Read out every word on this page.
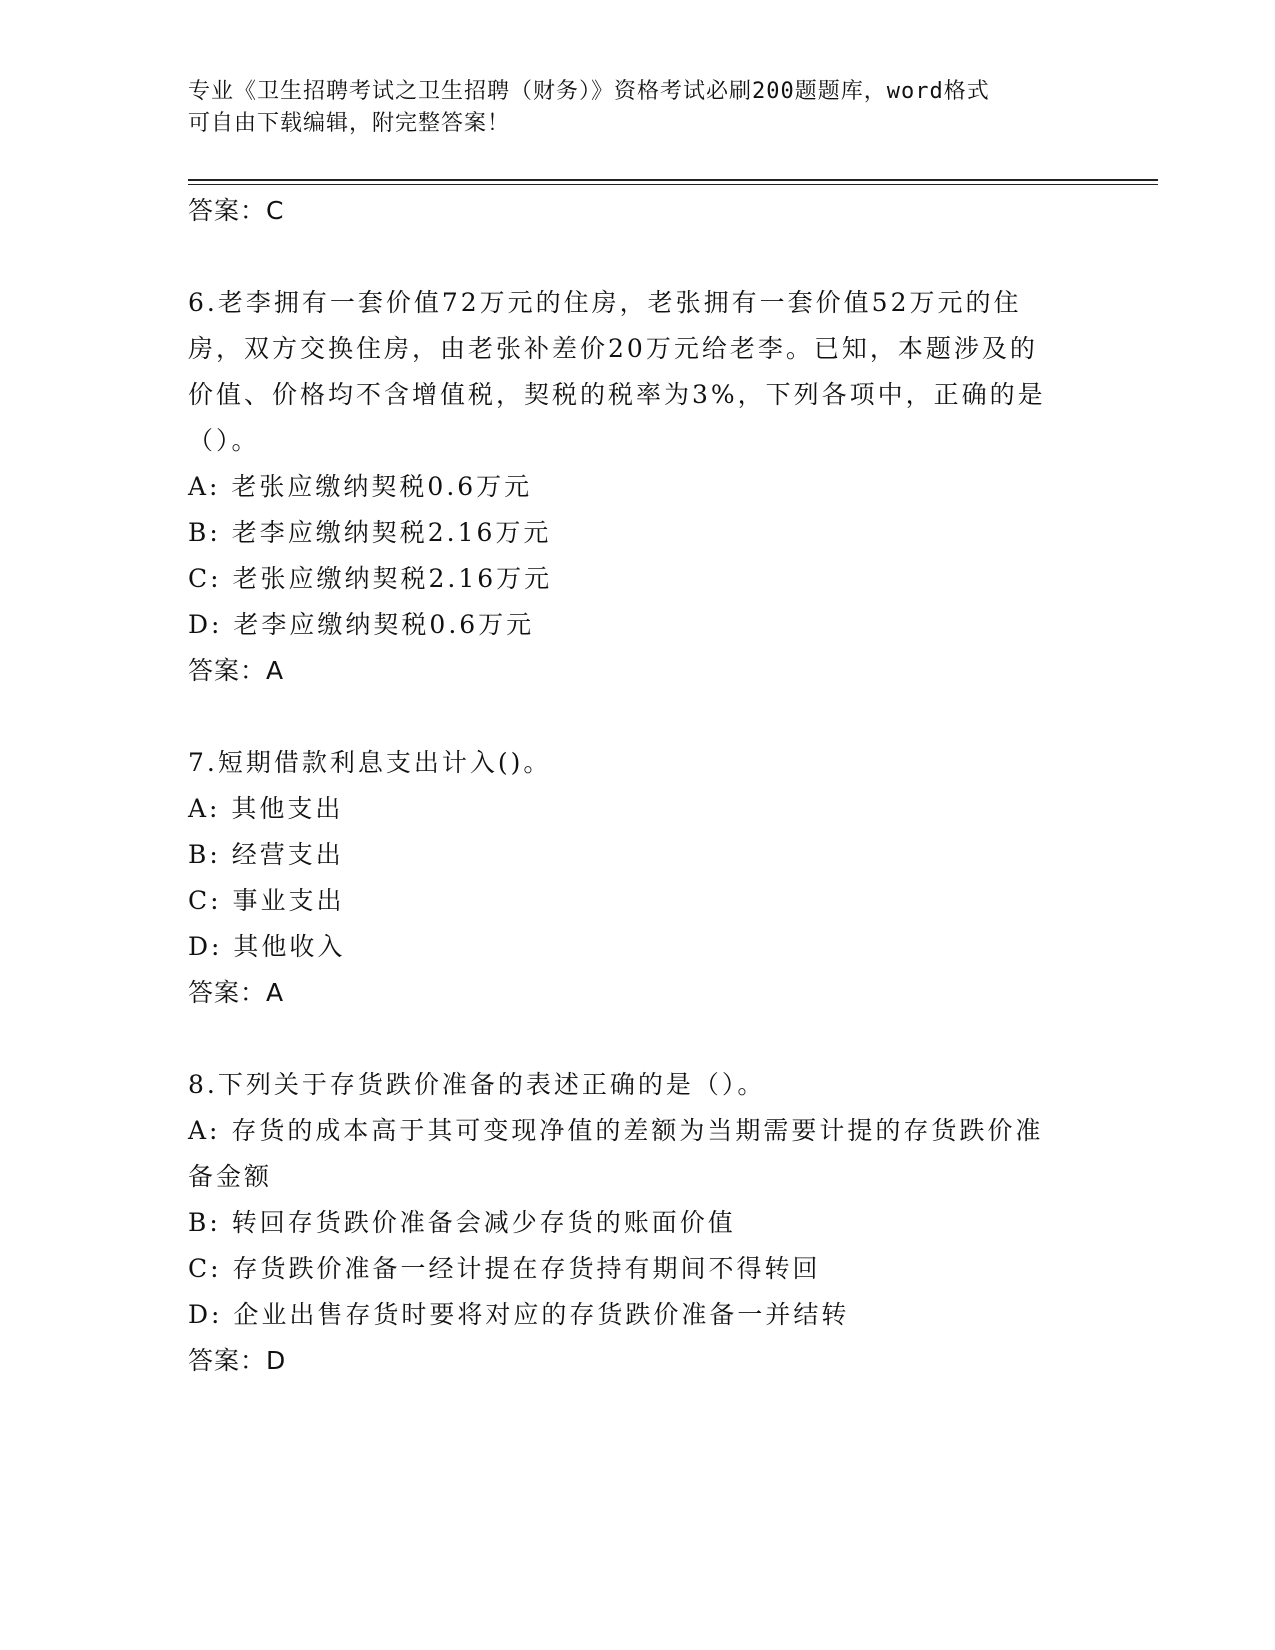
专业《卫生招聘考试之卫生招聘（财务）》资格考试必刷200题题库，word格式
可自由下载编辑，附完整答案！
答案：C
6.老李拥有一套价值72万元的住房，老张拥有一套价值52万元的住
房，双方交换住房，由老张补差价20万元给老李。已知，本题涉及的
价值、价格均不含增值税，契税的税率为3%，下列各项中，正确的是
（）。
A: 老张应缴纳契税0.6万元
B: 老李应缴纳契税2.16万元
C: 老张应缴纳契税2.16万元
D: 老李应缴纳契税0.6万元
答案：A
7.短期借款利息支出计入()。
A: 其他支出
B: 经营支出
C: 事业支出
D: 其他收入
答案：A
8.下列关于存货跌价准备的表述正确的是（）。
A: 存货的成本高于其可变现净值的差额为当期需要计提的存货跌价准
备金额
B: 转回存货跌价准备会减少存货的账面价值
C: 存货跌价准备一经计提在存货持有期间不得转回
D: 企业出售存货时要将对应的存货跌价准备一并结转
答案：D
